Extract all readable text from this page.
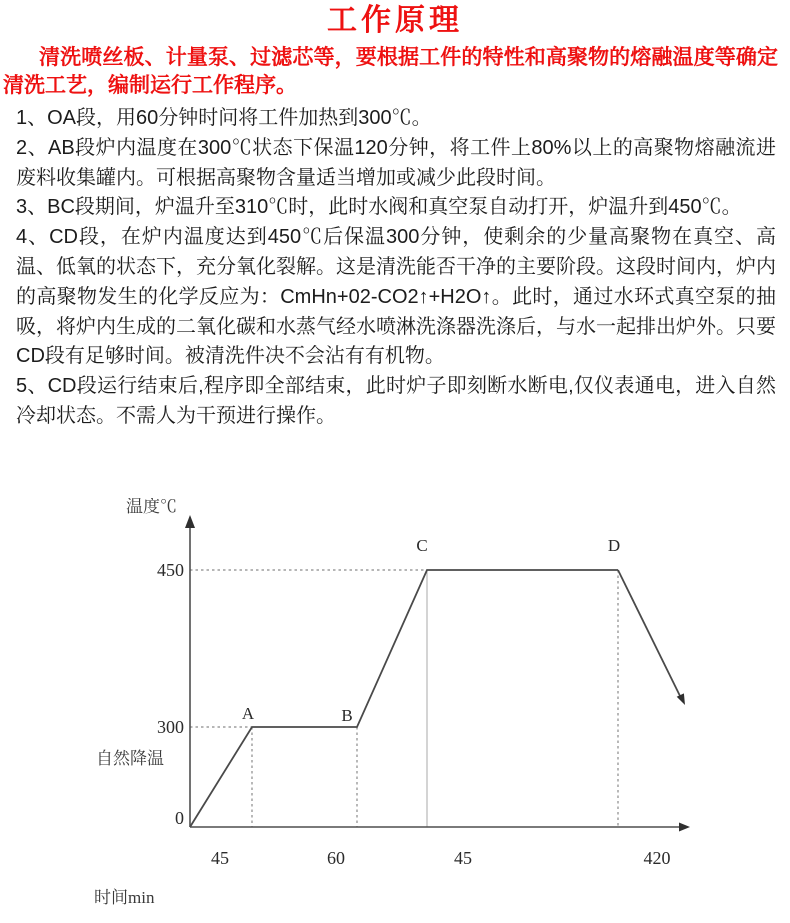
工作原理

清洗喷丝板、计量泵、过滤芯等，要根据工件的特性和高聚物的熔融温度等确定清洗工艺，编制运行工作程序。

1、OA段，用60分钟时问将工件加热到300℃。

2、AB段炉内温度在300℃状态下保温120分钟，将工件上80%以上的高聚物熔融流进废料收集罐内。可根据高聚物含量适当增加或减少此段时间。

3、BC段期间，炉温升至310℃时，此时水阀和真空泵自动打开，炉温升到450℃。

4、CD段，在炉内温度达到450℃后保温300分钟，使剩余的少量高聚物在真空、高温、低氧的状态下，充分氧化裂解。这是清洗能否干净的主要阶段。这段时间内，炉内的高聚物发生的化学反应为：CmHn+02-CO2↑+H2O↑。此时，通过水环式真空泵的抽吸，将炉内生成的二氧化碳和水蒸气经水喷淋洗涤器洗涤后，与水一起排出炉外。只要CD段有足够时间。被清洗件决不会沾有有机物。

5、CD段运行结束后,程序即全部结束，此时炉子即刻断水断电,仅仪表通电，进入自然冷却状态。不需人为干预进行操作。

温度℃
时间min
自然降温
450
300
0
A	B
C	D
45	60	45	420
